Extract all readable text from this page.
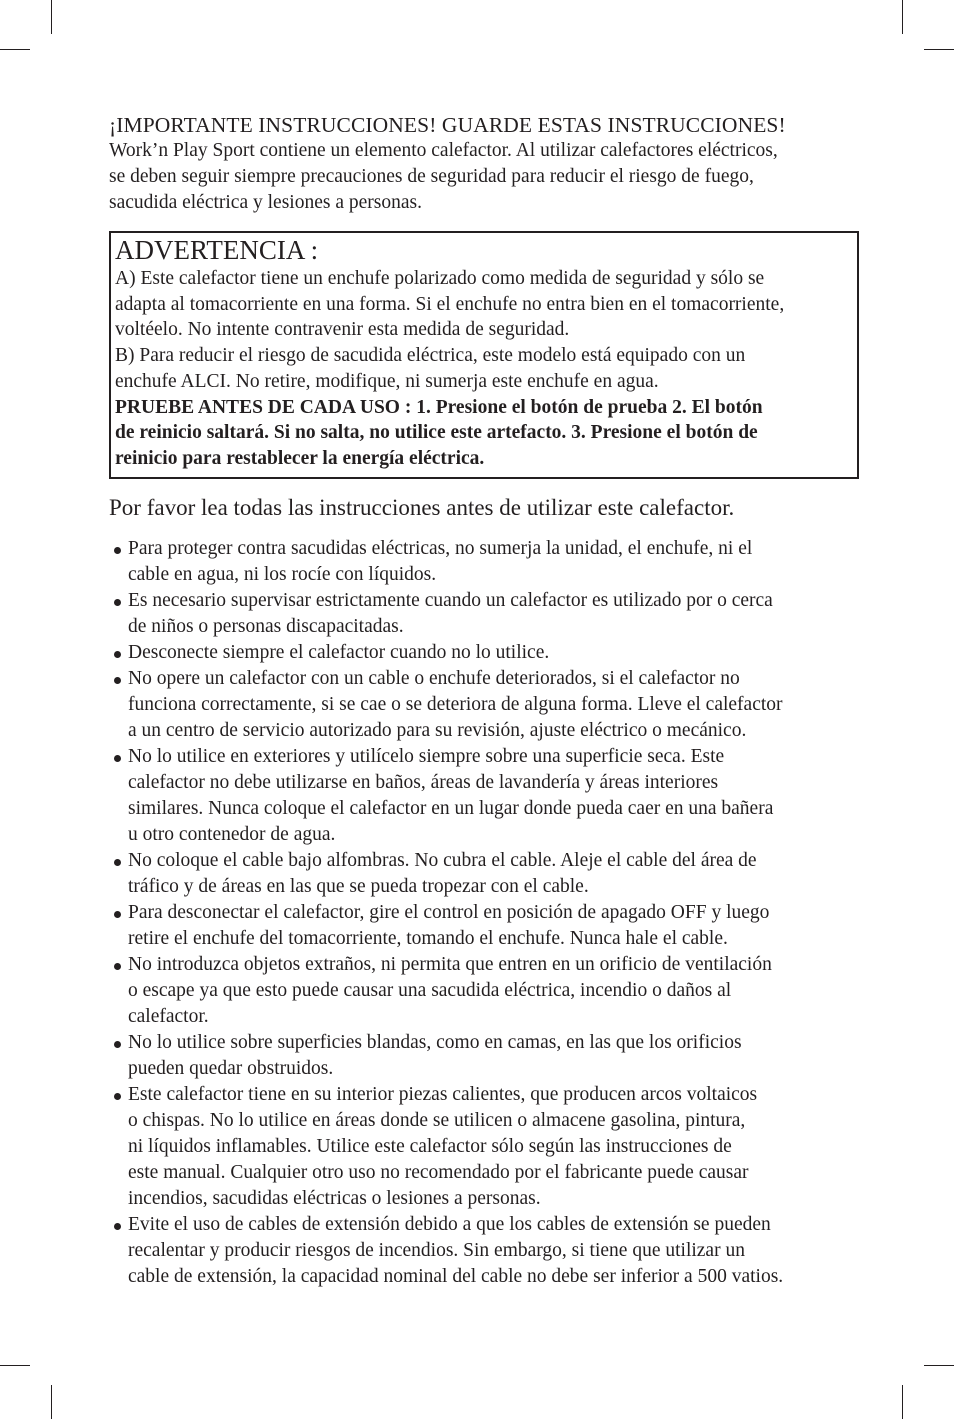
¡IMPORTANTE INSTRUCCIONES! GUARDE ESTAS INSTRUCCIONES!

Work’n Play Sport contiene un elemento calefactor. Al utilizar calefactores eléctricos,

se deben seguir siempre precauciones de seguridad para reducir el riesgo de fuego,

sacudida eléctrica y lesiones a personas.

ADVERTENCIA :

A) Este calefactor tiene un enchufe polarizado como medida de seguridad y sólo se

adapta al tomacorriente en una forma. Si el enchufe no entra bien en el tomacorriente,

voltéelo. No intente contravenir esta medida de seguridad.

B) Para reducir el riesgo de sacudida eléctrica, este modelo está equipado con un

enchufe ALCI. No retire, modifique, ni sumerja este enchufe en agua.

PRUEBE ANTES DE CADA USO : 1. Presione el botón de prueba 2. El botón

de reinicio saltará. Si no salta, no utilice este artefacto. 3. Presione el botón de

reinicio para restablecer la energía eléctrica.

Por favor lea todas las instrucciones antes de utilizar este calefactor.
Para proteger contra sacudidas eléctricas, no sumerja la unidad, el enchufe, ni el
cable en agua, ni los rocíe con líquidos.
Es necesario supervisar estrictamente cuando un calefactor es utilizado por o cerca
de niños o personas discapacitadas.
Desconecte siempre el calefactor cuando no lo utilice.
No opere un calefactor con un cable o enchufe deteriorados, si el calefactor no
funciona correctamente, si se cae o se deteriora de alguna forma. Lleve el calefactor
a un centro de servicio autorizado para su revisión, ajuste eléctrico o mecánico.
No lo utilice en exteriores y utilícelo siempre sobre una superficie seca. Este
calefactor no debe utilizarse en baños, áreas de lavandería y áreas interiores
similares. Nunca coloque el calefactor en un lugar donde pueda caer en una bañera
u otro contenedor de agua.
No coloque el cable bajo alfombras. No cubra el cable. Aleje el cable del área de
tráfico y de áreas en las que se pueda tropezar con el cable.
Para desconectar el calefactor, gire el control en posición de apagado OFF y luego
retire el enchufe del tomacorriente, tomando el enchufe. Nunca hale el cable.
No introduzca objetos extraños, ni permita que entren en un orificio de ventilación
o escape ya que esto puede causar una sacudida eléctrica, incendio o daños al
calefactor.
No lo utilice sobre superficies blandas, como en camas, en las que los orificios
pueden quedar obstruidos.
Este calefactor tiene en su interior piezas calientes, que producen arcos voltaicos
o chispas. No lo utilice en áreas donde se utilicen o almacene gasolina, pintura,
ni líquidos inflamables. Utilice este calefactor sólo según las instrucciones de
este manual. Cualquier otro uso no recomendado por el fabricante puede causar
incendios, sacudidas eléctricas o lesiones a personas.
Evite el uso de cables de extensión debido a que los cables de extensión se pueden
recalentar y producir riesgos de incendios. Sin embargo, si tiene que utilizar un
cable de extensión, la capacidad nominal del cable no debe ser inferior a 500 vatios.
